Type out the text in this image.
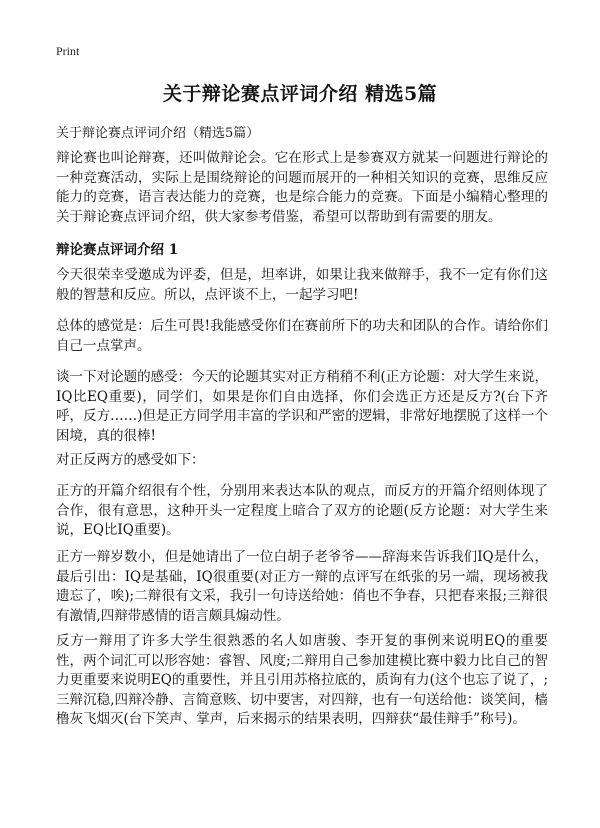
Print
关于辩论赛点评词介绍 精选5篇
关于辩论赛点评词介绍（精选5篇）
辩论赛也叫论辩赛，还叫做辩论会。它在形式上是参赛双方就某一问题进行辩论的一种竞赛活动，实际上是围绕辩论的问题而展开的一种相关知识的竞赛，思维反应能力的竞赛，语言表达能力的竞赛，也是综合能力的竞赛。下面是小编精心整理的关于辩论赛点评词介绍，供大家参考借鉴，希望可以帮助到有需要的朋友。
辩论赛点评词介绍 1
今天很荣幸受邀成为评委，但是，坦率讲，如果让我来做辩手，我不一定有你们这般的智慧和反应。所以，点评谈不上，一起学习吧!
总体的感觉是：后生可畏!我能感受你们在赛前所下的功夫和团队的合作。请给你们自己一点掌声。
谈一下对论题的感受：今天的论题其实对正方稍稍不利(正方论题：对大学生来说，IQ比EQ重要)，同学们，如果是你们自由选择，你们会选正方还是反方?(台下齐呼，反方……)但是正方同学用丰富的学识和严密的逻辑，非常好地摆脱了这样一个困境，真的很棒!
对正反两方的感受如下：
正方的开篇介绍很有个性，分别用来表达本队的观点，而反方的开篇介绍则体现了合作，很有意思，这种开头一定程度上暗合了双方的论题(反方论题：对大学生来说，EQ比IQ重要)。
正方一辩岁数小，但是她请出了一位白胡子老爷爷——辞海来告诉我们IQ是什么，最后引出：IQ是基础，IQ很重要(对正方一辩的点评写在纸张的另一端，现场被我遗忘了，唉);二辩很有文采，我引一句诗送给她：俏也不争春，只把春来报;三辩很有激情,四辩带感情的语言颇具煽动性。
反方一辩用了许多大学生很熟悉的名人如唐骏、李开复的事例来说明EQ的重要性，两个词汇可以形容她：睿智、风度;二辩用自己参加建模比赛中毅力比自己的智力更重要来说明EQ的重要性，并且引用苏格拉底的，质询有力(这个也忘了说了，;三辩沉稳,四辩冷静、言简意赅、切中要害，对四辩，也有一句送给他：谈笑间，樯橹灰飞烟灭(台下笑声、掌声，后来揭示的结果表明，四辩获“最佳辩手”称号)。
